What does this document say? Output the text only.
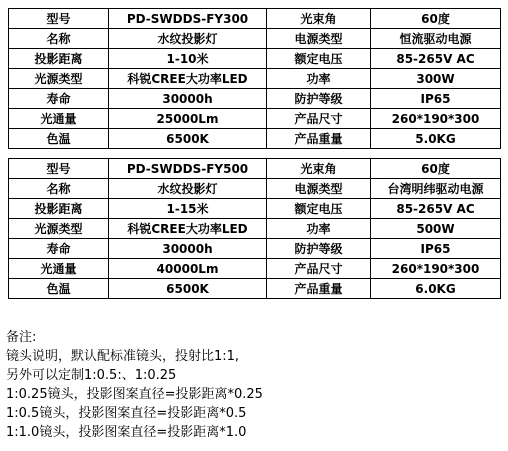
型号	PD-SWDDS-FY300	光束角	60度
名称	水纹投影灯	电源类型	恒流驱动电源
投影距离	1-10米	额定电压	85-265V AC
光源类型	科锐CREE大功率LED	功率	300W
寿命	30000h	防护等级	IP65
光通量	25000Lm	产品尺寸	260*190*300
色温	6500K	产品重量	5.0KG
型号	PD-SWDDS-FY500	光束角	60度
名称	水纹投影灯	电源类型	台湾明纬驱动电源
投影距离	1-15米	额定电压	85-265V AC
光源类型	科锐CREE大功率LED	功率	500W
寿命	30000h	防护等级	IP65
光通量	40000Lm	产品尺寸	260*190*300
色温	6500K	产品重量	6.0KG
备注:
镜头说明，默认配标准镜头，投射比1:1,
另外可以定制1:0.5:、1:0.25
1:0.25镜头，投影图案直径=投影距离*0.25
1:0.5镜头，投影图案直径=投影距离*0.5
1:1.0镜头，投影图案直径=投影距离*1.0
